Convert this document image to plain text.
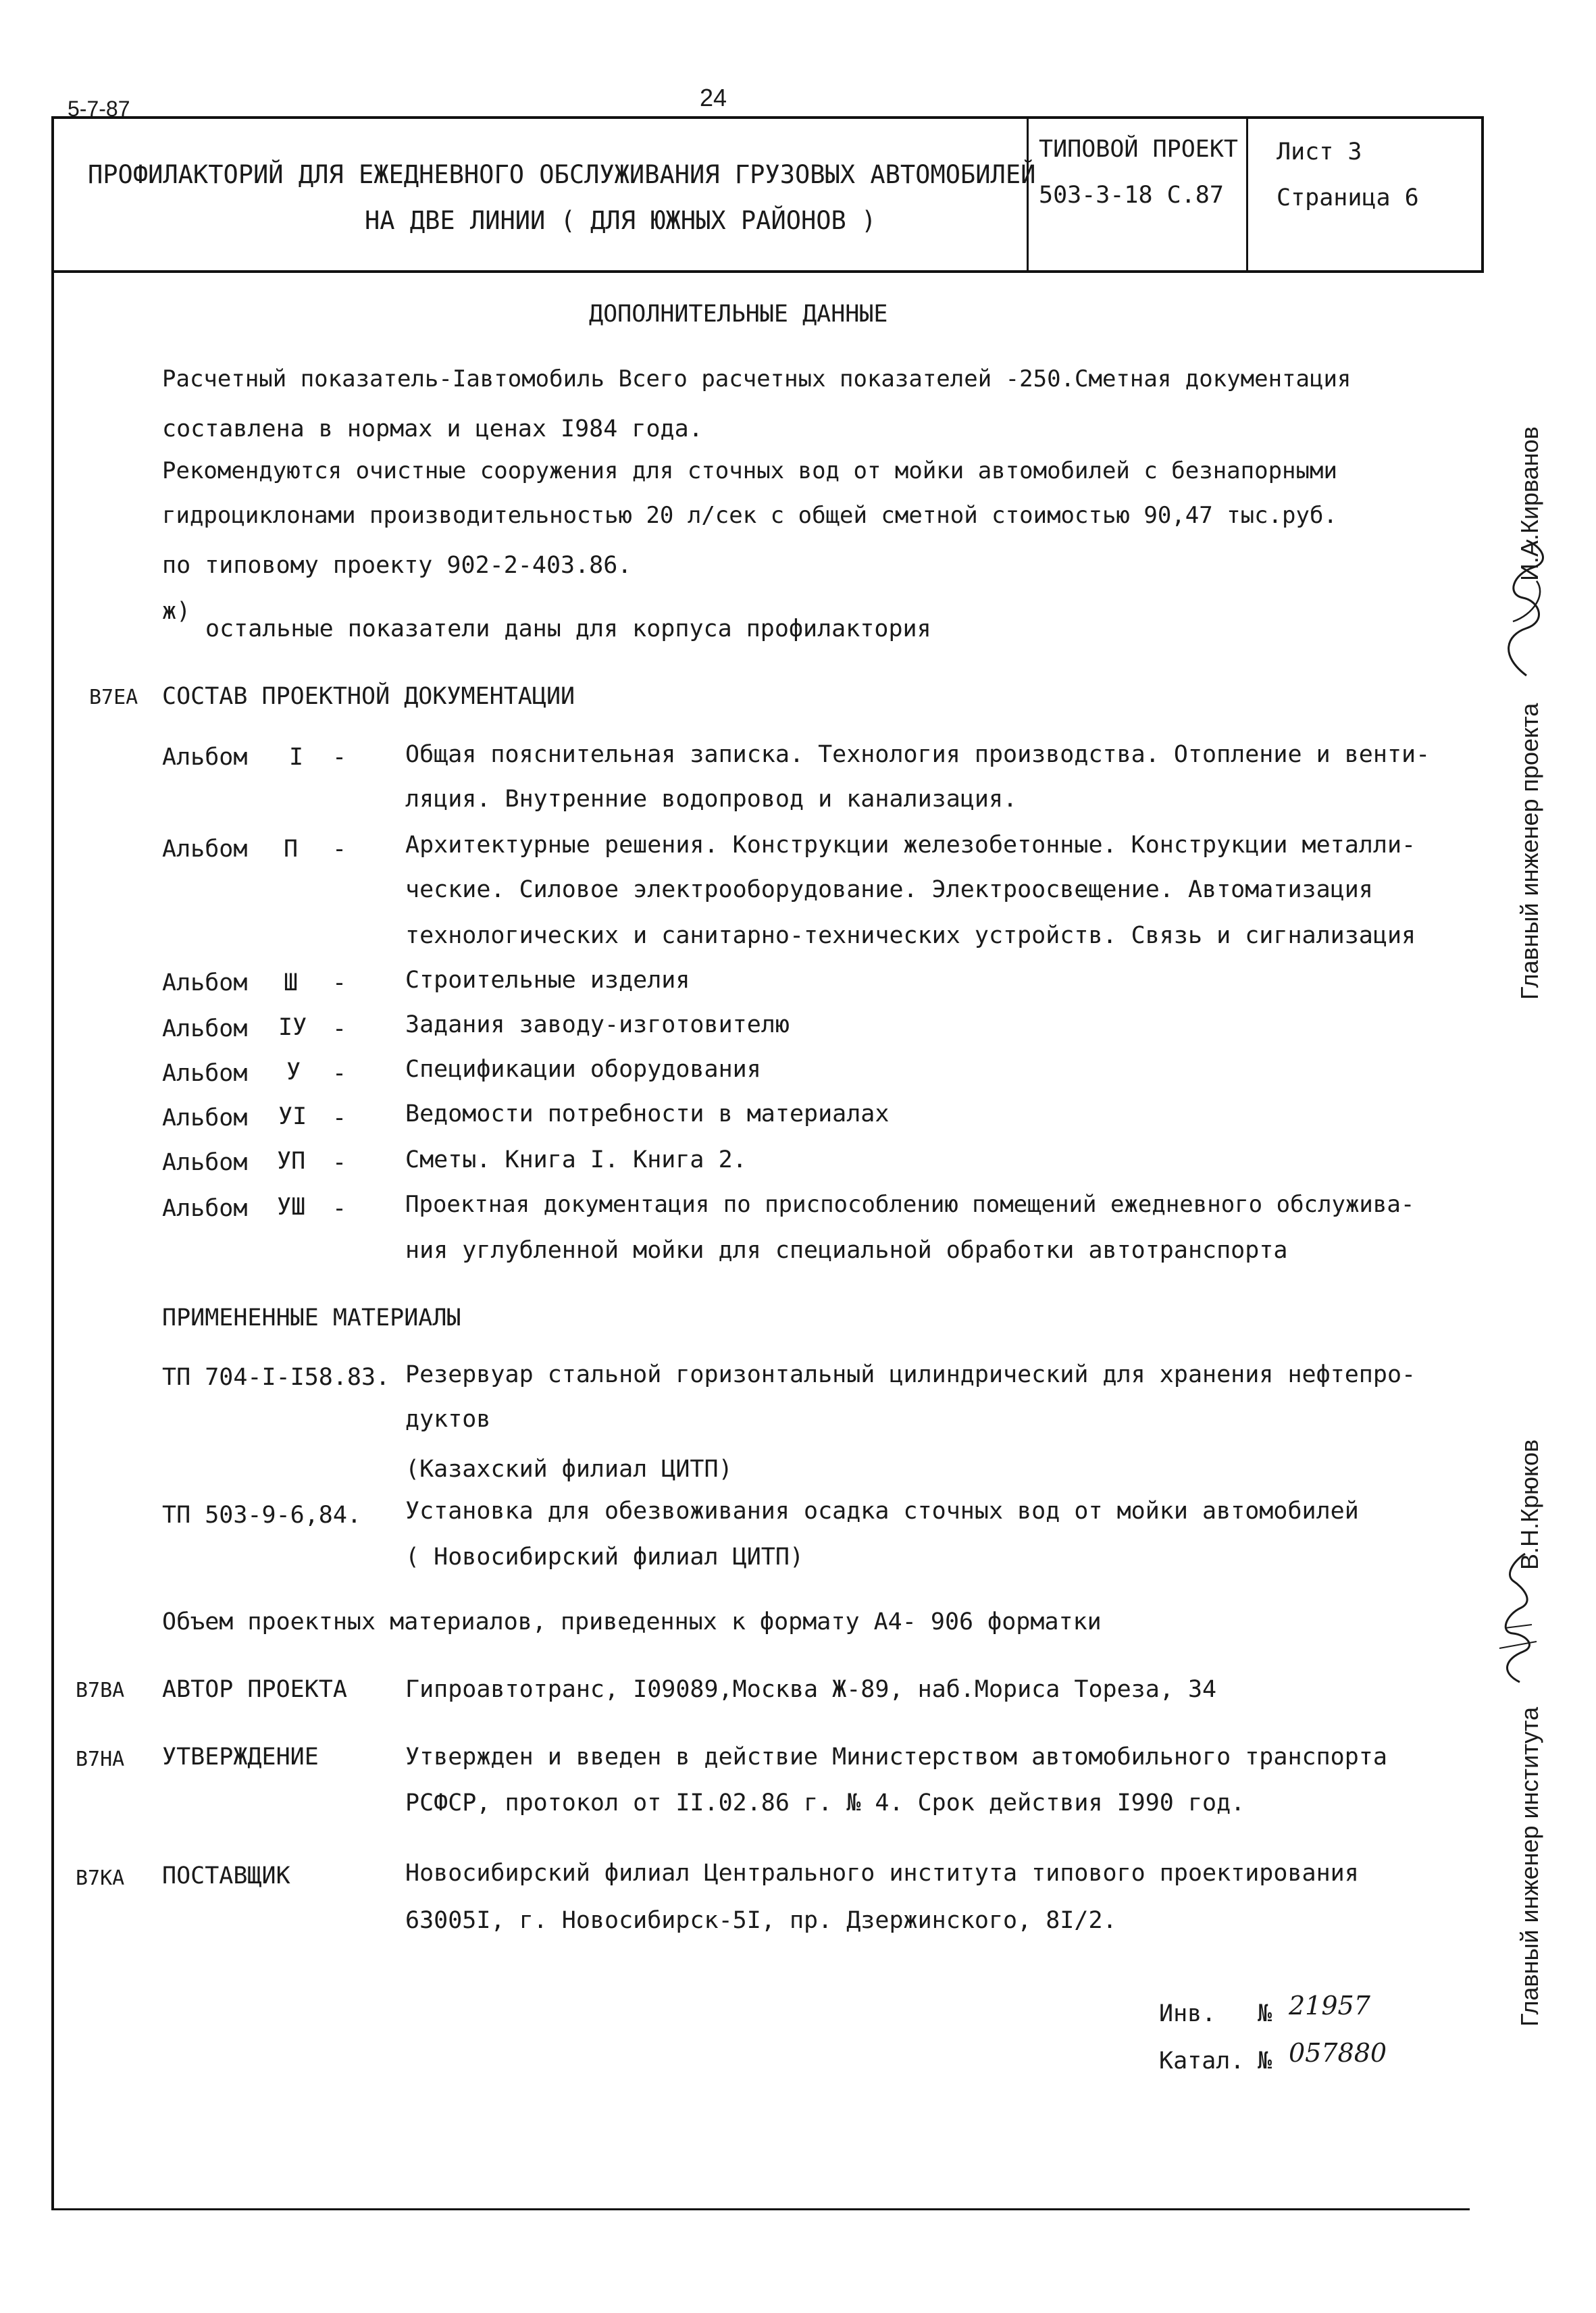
5-7-87	24
ПРОФИЛАКТОРИЙ ДЛЯ ЕЖЕДНЕВНОГО ОБСЛУЖИВАНИЯ ГРУЗОВЫХ АВТОМОБИЛЕЙ
НА ДВЕ ЛИНИИ ( ДЛЯ ЮЖНЫХ РАЙОНОВ )
ТИПОВОЙ ПРОЕКТ
503-3-18 С.87
Лист 3
Страница 6
ДОПОЛНИТЕЛЬНЫЕ ДАННЫЕ
Расчетный показатель-Iавтомобиль Всего расчетных показателей -250.Сметная документация
составлена в нормах и ценах I984 года.
Рекомендуются очистные сооружения для сточных вод от мойки автомобилей с безнапорными
гидроциклонами производительностью 20 л/сек с общей сметной стоимостью 90,47 тыс.руб.
по типовому проекту 902-2-403.86.
ж)
остальные показатели даны для корпуса профилактория
В7ЕА СОСТАВ ПРОЕКТНОЙ ДОКУМЕНТАЦИИ
Альбом I - Общая пояснительная записка. Технология производства. Отопление и венти-
ляция. Внутренние водопровод и канализация.
Альбом П - Архитектурные решения. Конструкции железобетонные. Конструкции металли-
ческие. Силовое электрооборудование. Электроосвещение. Автоматизация
технологических и санитарно-технических устройств. Связь и сигнализация
Альбом Ш - Строительные изделия
Альбом IУ - Задания заводу-изготовителю
Альбом У - Спецификации оборудования
Альбом УI - Ведомости потребности в материалах
Альбом УП - Сметы. Книга I. Книга 2.
Альбом УШ -	Проектная документация по приспособлению помещений ежедневного обслужива-
ния углубленной мойки для специальной обработки автотранспорта
ПРИМЕНЕННЫЕ МАТЕРИАЛЫ
ТП 704-I-I58.83. Резервуар стальной горизонтальный цилиндрический для хранения нефтепро-
дуктов
(Казахский филиал ЦИТП)
ТП 503-9-6,84. Установка для обезвоживания осадка сточных вод от мойки автомобилей
( Новосибирский филиал ЦИТП)
Объем проектных материалов, приведенных к формату А4- 906 форматки
В7ВА АВТОР ПРОЕКТА Гипроавтотранс, I09089,Москва Ж-89, наб.Мориса Тореза, 34
В7НА УТВЕРЖДЕНИЕ	Утвержден и введен в действие Министерством автомобильного транспорта
РСФСР, протокол от II.02.86 г. № 4. Срок действия I990 год.
В7КА ПОСТАВЩИК	Новосибирский филиал Центрального института типового проектирования
63005I, г. Новосибирск-5I, пр. Дзержинского, 8I/2.
Инв. № 21957
Катал. № 057880
Главный инженер проекта
И.А.Кирванов
Главный инженер института
В.Н.Крюков
